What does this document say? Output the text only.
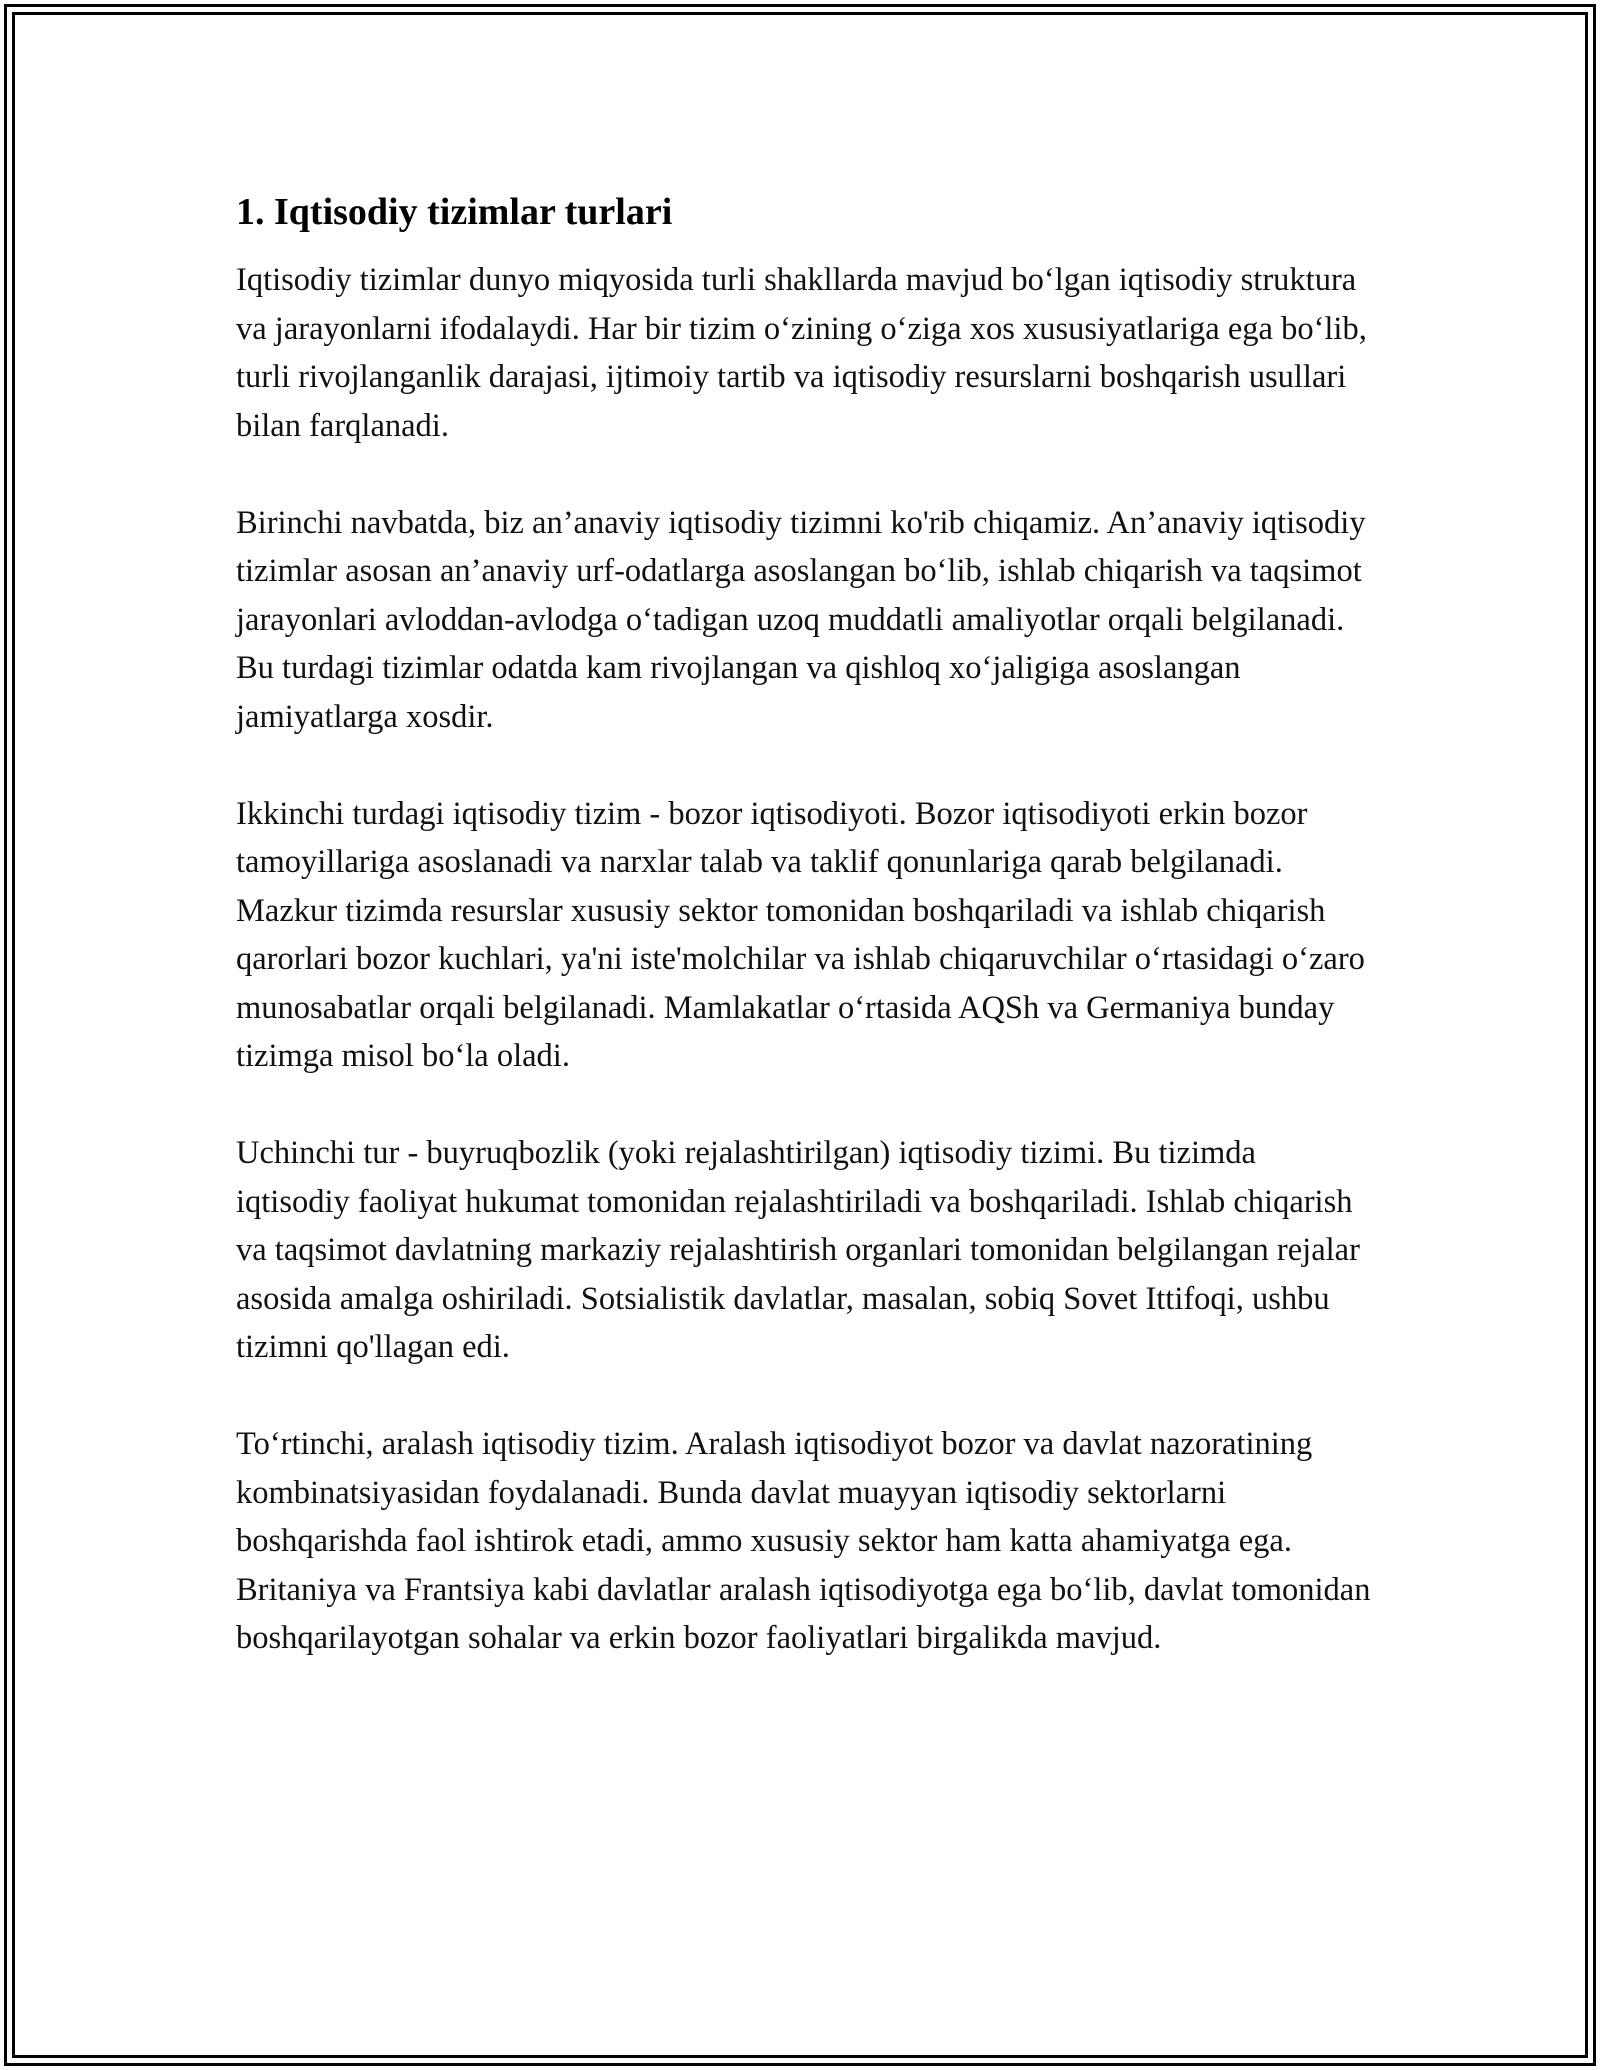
1. Iqtisodiy tizimlar turlari

Iqtisodiy tizimlar dunyo miqyosida turli shakllarda mavjud bo‘lgan iqtisodiy struktura va jarayonlarni ifodalaydi. Har bir tizim o‘zining o‘ziga xos xususiyatlariga ega bo‘lib, turli rivojlanganlik darajasi, ijtimoiy tartib va iqtisodiy resurslarni boshqarish usullari bilan farqlanadi.

Birinchi navbatda, biz an’anaviy iqtisodiy tizimni ko'rib chiqamiz. An’anaviy iqtisodiy tizimlar asosan an’anaviy urf-odatlarga asoslangan bo‘lib, ishlab chiqarish va taqsimot jarayonlari avloddan-avlodga o‘tadigan uzoq muddatli amaliyotlar orqali belgilanadi. Bu turdagi tizimlar odatda kam rivojlangan va qishloq xo‘jaligiga asoslangan jamiyatlarga xosdir.

Ikkinchi turdagi iqtisodiy tizim - bozor iqtisodiyoti. Bozor iqtisodiyoti erkin bozor tamoyillariga asoslanadi va narxlar talab va taklif qonunlariga qarab belgilanadi. Mazkur tizimda resurslar xususiy sektor tomonidan boshqariladi va ishlab chiqarish qarorlari bozor kuchlari, ya'ni iste'molchilar va ishlab chiqaruvchilar o‘rtasidagi o‘zaro munosabatlar orqali belgilanadi. Mamlakatlar o‘rtasida AQSh va Germaniya bunday tizimga misol bo‘la oladi.

Uchinchi tur - buyruqbozlik (yoki rejalashtirilgan) iqtisodiy tizimi. Bu tizimda iqtisodiy faoliyat hukumat tomonidan rejalashtiriladi va boshqariladi. Ishlab chiqarish va taqsimot davlatning markaziy rejalashtirish organlari tomonidan belgilangan rejalar asosida amalga oshiriladi. Sotsialistik davlatlar, masalan, sobiq Sovet Ittifoqi, ushbu tizimni qo'llagan edi.

To‘rtinchi, aralash iqtisodiy tizim. Aralash iqtisodiyot bozor va davlat nazoratining kombinatsiyasidan foydalanadi. Bunda davlat muayyan iqtisodiy sektorlarni boshqarishda faol ishtirok etadi, ammo xususiy sektor ham katta ahamiyatga ega. Britaniya va Frantsiya kabi davlatlar aralash iqtisodiyotga ega bo‘lib, davlat tomonidan boshqarilayotgan sohalar va erkin bozor faoliyatlari birgalikda mavjud.
